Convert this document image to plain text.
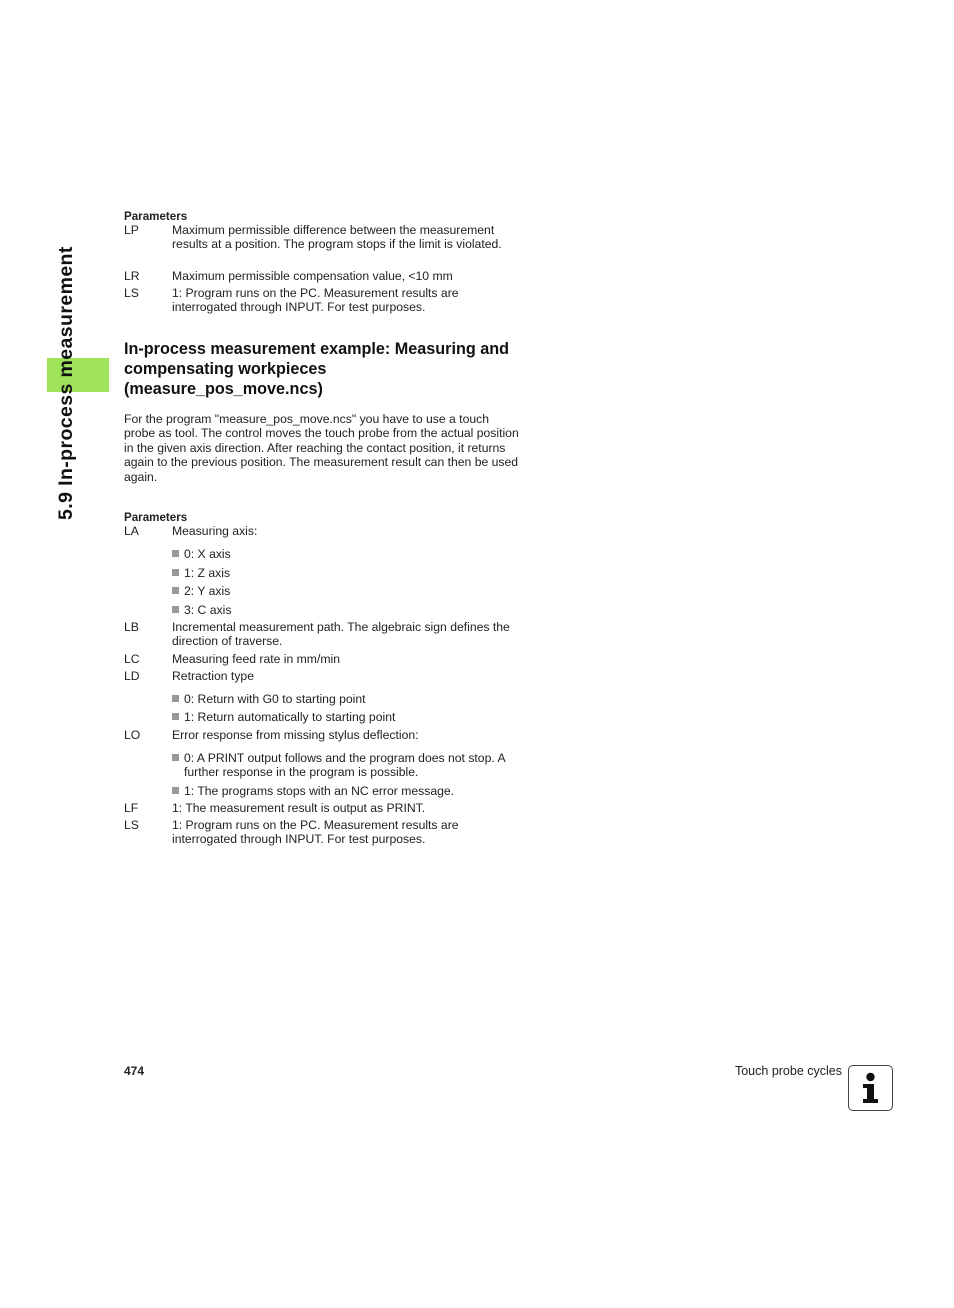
5.9 In-process measurement
Parameters
LP	Maximum permissible difference between the measurement results at a position. The program stops if the limit is violated.
LR	Maximum permissible compensation value, <10 mm
LS	1: Program runs on the PC. Measurement results are interrogated through INPUT. For test purposes.
In-process measurement example: Measuring and compensating workpieces (measure_pos_move.ncs)
For the program "measure_pos_move.ncs" you have to use a touch probe as tool. The control moves the touch probe from the actual position in the given axis direction. After reaching the contact position, it returns again to the previous position. The measurement result can then be used again.
Parameters
LA	Measuring axis:
0: X axis
1: Z axis
2: Y axis
3: C axis
LB	Incremental measurement path. The algebraic sign defines the direction of traverse.
LC	Measuring feed rate in mm/min
LD	Retraction type
0: Return with G0 to starting point
1: Return automatically to starting point
LO	Error response from missing stylus deflection:
0: A PRINT output follows and the program does not stop. A further response in the program is possible.
1: The programs stops with an NC error message.
LF	1: The measurement result is output as PRINT.
LS	1: Program runs on the PC. Measurement results are interrogated through INPUT. For test purposes.
474	Touch probe cycles
